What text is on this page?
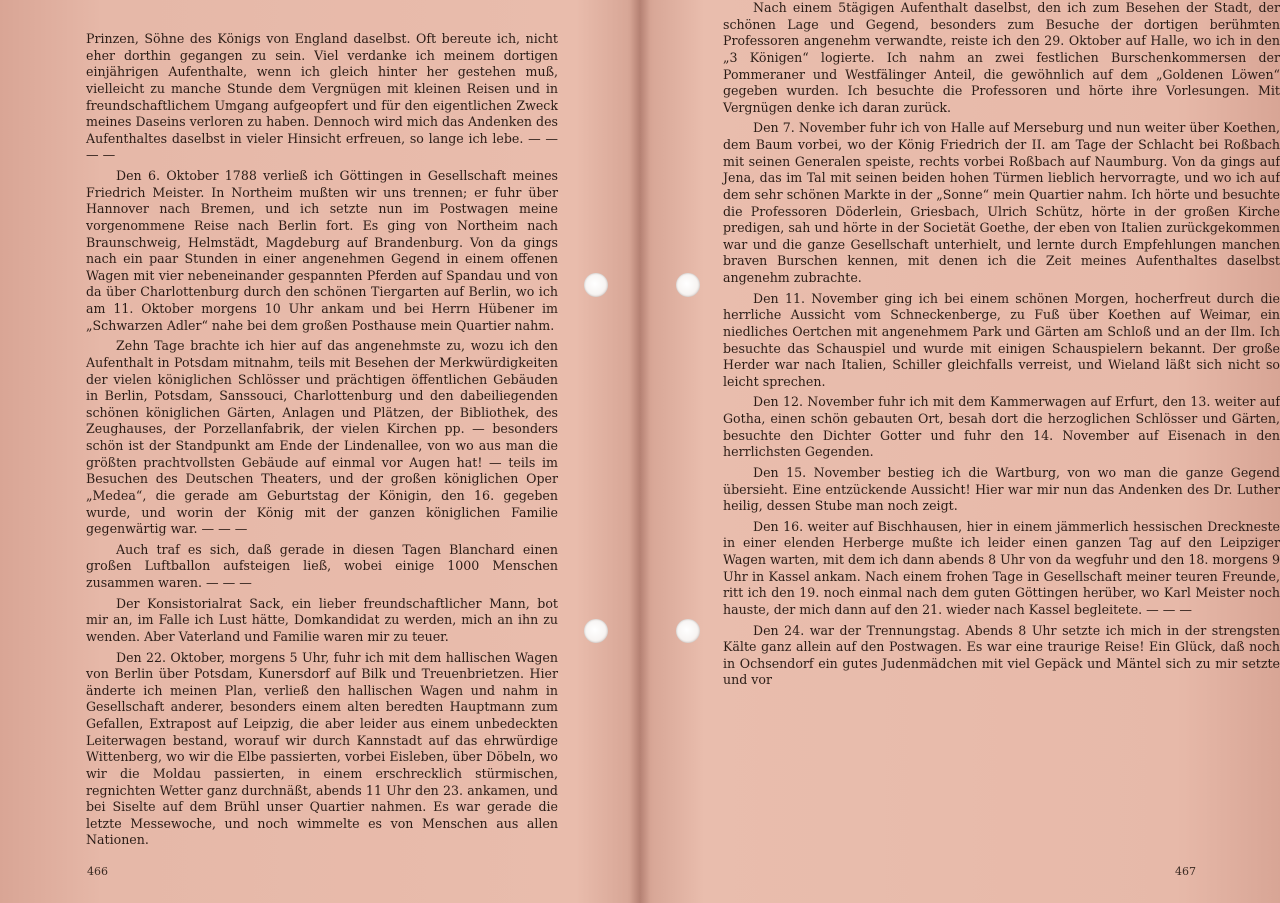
Prinzen, Söhne des Königs von England daselbst. Oft bereute ich, nicht eher dorthin gegangen zu sein. Viel verdanke ich meinem dortigen einjährigen Aufenthalte, wenn ich gleich hinter her gestehen muß, vielleicht zu manche Stunde dem Vergnügen mit kleinen Reisen und in freundschaftlichem Umgang aufgeopfert und für den eigentlichen Zweck meines Daseins verloren zu haben. Dennoch wird mich das Andenken des Aufenthaltes daselbst in vieler Hinsicht erfreuen, so lange ich lebe. — — — —

Den 6. Oktober 1788 verließ ich Göttingen in Gesellschaft meines Friedrich Meister. In Northeim mußten wir uns trennen; er fuhr über Hannover nach Bremen, und ich setzte nun im Postwagen meine vorgenommene Reise nach Berlin fort. Es ging von Northeim nach Braunschweig, Helmstädt, Magdeburg auf Brandenburg. Von da gings nach ein paar Stunden in einer angenehmen Gegend in einem offenen Wagen mit vier nebeneinander gespannten Pferden auf Spandau und von da über Charlottenburg durch den schönen Tiergarten auf Berlin, wo ich am 11. Oktober morgens 10 Uhr ankam und bei Herrn Hübener im „Schwarzen Adler“ nahe bei dem großen Posthause mein Quartier nahm.

Zehn Tage brachte ich hier auf das angenehmste zu, wozu ich den Aufenthalt in Potsdam mitnahm, teils mit Besehen der Merkwürdigkeiten der vielen königlichen Schlösser und prächtigen öffentlichen Gebäuden in Berlin, Potsdam, Sanssouci, Charlottenburg und den dabeiliegenden schönen königlichen Gärten, Anlagen und Plätzen, der Bibliothek, des Zeughauses, der Porzellanfabrik, der vielen Kirchen pp. — besonders schön ist der Standpunkt am Ende der Lindenallee, von wo aus man die größten prachtvollsten Gebäude auf einmal vor Augen hat! — teils im Besuchen des Deutschen Theaters, und der großen königlichen Oper „Medea“, die gerade am Geburtstag der Königin, den 16. gegeben wurde, und worin der König mit der ganzen königlichen Familie gegenwärtig war. — — —

Auch traf es sich, daß gerade in diesen Tagen Blanchard einen großen Luftballon aufsteigen ließ, wobei einige 1000 Menschen zusammen waren. — — —

Der Konsistorialrat Sack, ein lieber freundschaftlicher Mann, bot mir an, im Falle ich Lust hätte, Domkandidat zu werden, mich an ihn zu wenden. Aber Vaterland und Familie waren mir zu teuer.

Den 22. Oktober, morgens 5 Uhr, fuhr ich mit dem hallischen Wagen von Berlin über Potsdam, Kunersdorf auf Bilk und Treuenbrietzen. Hier änderte ich meinen Plan, verließ den hallischen Wagen und nahm in Gesellschaft anderer, besonders einem alten beredten Hauptmann zum Gefallen, Extrapost auf Leipzig, die aber leider aus einem unbedeckten Leiterwagen bestand, worauf wir durch Kannstadt auf das ehrwürdige Wittenberg, wo wir die Elbe passierten, vorbei Eisleben, über Döbeln, wo wir die Moldau passierten, in einem erschrecklich stürmischen, regnichten Wetter ganz durchnäßt, abends 11 Uhr den 23. ankamen, und bei Siselte auf dem Brühl unser Quartier nahmen. Es war gerade die letzte Messewoche, und noch wimmelte es von Menschen aus allen Nationen.

466

Nach einem 5tägigen Aufenthalt daselbst, den ich zum Besehen der Stadt, der schönen Lage und Gegend, besonders zum Besuche der dortigen berühmten Professoren angenehm verwandte, reiste ich den 29. Oktober auf Halle, wo ich in den „3 Königen“ logierte. Ich nahm an zwei festlichen Burschenkommersen der Pommeraner und Westfälinger Anteil, die gewöhnlich auf dem „Goldenen Löwen“ gegeben wurden. Ich besuchte die Professoren und hörte ihre Vorlesungen. Mit Vergnügen denke ich daran zurück.

Den 7. November fuhr ich von Halle auf Merseburg und nun weiter über Koethen, dem Baum vorbei, wo der König Friedrich der II. am Tage der Schlacht bei Roßbach mit seinen Generalen speiste, rechts vorbei Roßbach auf Naumburg. Von da gings auf Jena, das im Tal mit seinen beiden hohen Türmen lieblich hervorragte, und wo ich auf dem sehr schönen Markte in der „Sonne“ mein Quartier nahm. Ich hörte und besuchte die Professoren Döderlein, Griesbach, Ulrich Schütz, hörte in der großen Kirche predigen, sah und hörte in der Societät Goethe, der eben von Italien zurückgekommen war und die ganze Gesellschaft unterhielt, und lernte durch Empfehlungen manchen braven Burschen kennen, mit denen ich die Zeit meines Aufenthaltes daselbst angenehm zubrachte.

Den 11. November ging ich bei einem schönen Morgen, hocherfreut durch die herrliche Aussicht vom Schneckenberge, zu Fuß über Koethen auf Weimar, ein niedliches Oertchen mit angenehmem Park und Gärten am Schloß und an der Ilm. Ich besuchte das Schauspiel und wurde mit einigen Schauspielern bekannt. Der große Herder war nach Italien, Schiller gleichfalls verreist, und Wieland läßt sich nicht so leicht sprechen.

Den 12. November fuhr ich mit dem Kammerwagen auf Erfurt, den 13. weiter auf Gotha, einen schön gebauten Ort, besah dort die herzoglichen Schlösser und Gärten, besuchte den Dichter Gotter und fuhr den 14. November auf Eisenach in den herrlichsten Gegenden.

Den 15. November bestieg ich die Wartburg, von wo man die ganze Gegend übersieht. Eine entzückende Aussicht! Hier war mir nun das Andenken des Dr. Luther heilig, dessen Stube man noch zeigt.

Den 16. weiter auf Bischhausen, hier in einem jämmerlich hessischen Dreckneste in einer elenden Herberge mußte ich leider einen ganzen Tag auf den Leipziger Wagen warten, mit dem ich dann abends 8 Uhr von da wegfuhr und den 18. morgens 9 Uhr in Kassel ankam. Nach einem frohen Tage in Gesellschaft meiner teuren Freunde, ritt ich den 19. noch einmal nach dem guten Göttingen herüber, wo Karl Meister noch hauste, der mich dann auf den 21. wieder nach Kassel begleitete. — — —

Den 24. war der Trennungstag. Abends 8 Uhr setzte ich mich in der strengsten Kälte ganz allein auf den Postwagen. Es war eine traurige Reise! Ein Glück, daß noch in Ochsendorf ein gutes Judenmädchen mit viel Gepäck und Mäntel sich zu mir setzte und vor

467
